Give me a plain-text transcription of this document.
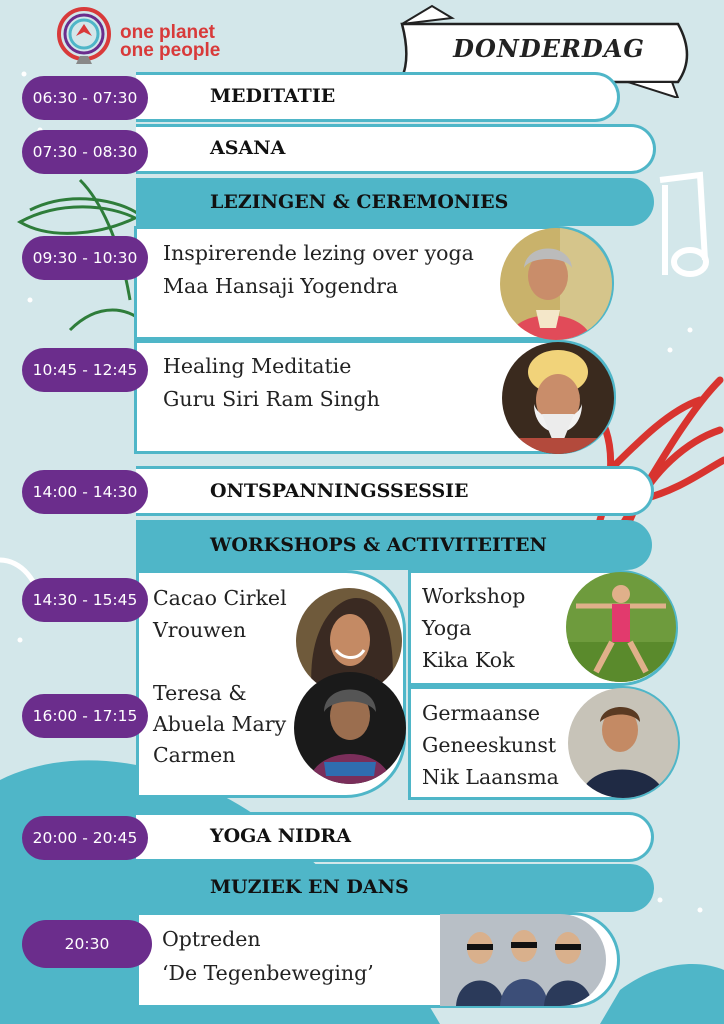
one planet
one people	DONDERDAG
MEDITATIE
06:30 - 07:30
ASANA
07:30 - 08:30
LEZINGEN & CEREMONIES
Inspirerende lezing over yoga
Maa Hansaji Yogendra
09:30 - 10:30
Healing Meditatie
Guru Siri Ram Singh
10:45 - 12:45
ONTSPANNINGSSESSIE
14:00 - 14:30
WORKSHOPS & ACTIVITEITEN
Cacao Cirkel
Vrouwen
14:30 - 15:45
Teresa &
Abuela Mary
Carmen
16:00 - 17:15
Workshop
Yoga
Kika Kok
Germaanse
Geneeskunst
Nik Laansma
YOGA NIDRA
20:00 - 20:45
MUZIEK EN DANS
Optreden
‘De Tegenbeweging’
20:30
